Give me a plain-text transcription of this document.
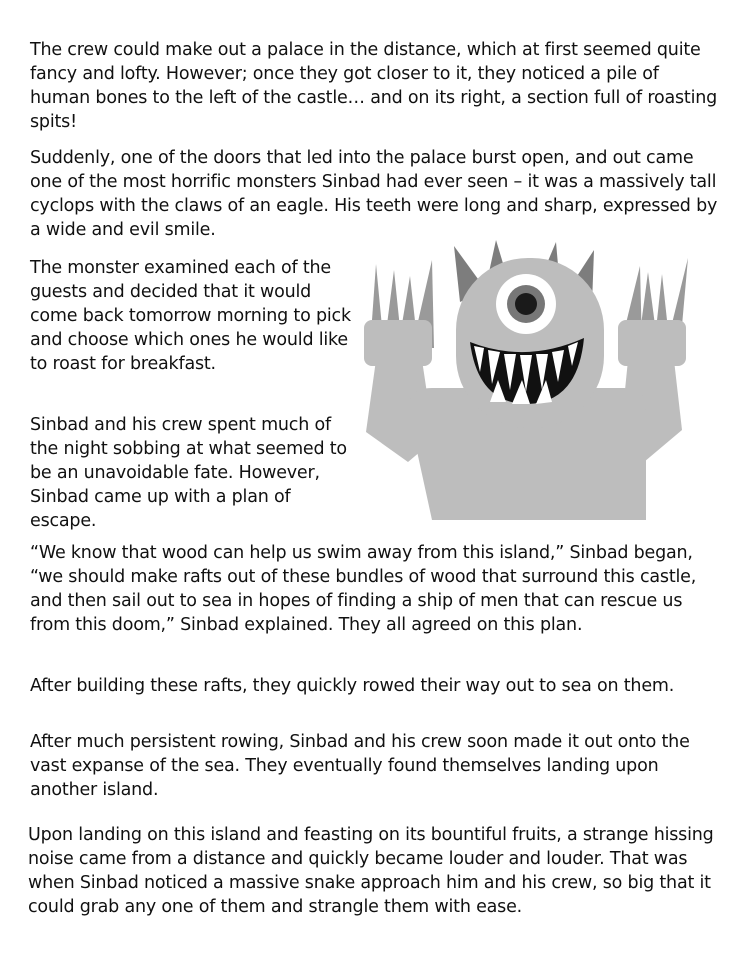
The crew could make out a palace in the distance, which at first seemed quite fancy and lofty. However; once they got closer to it, they noticed a pile of human bones to the left of the castle… and on its right, a section full of roasting spits!

Suddenly, one of the doors that led into the palace burst open, and out came one of the most horrific monsters Sinbad had ever seen – it was a massively tall cyclops with the claws of an eagle. His teeth were long and sharp, expressed by a wide and evil smile.

The monster examined each of the guests and decided that it would come back tomorrow morning to pick and choose which ones he would like to roast for breakfast.

Sinbad and his crew spent much of the night sobbing at what seemed to be an unavoidable fate. However, Sinbad came up with a plan of escape.

“We know that wood can help us swim away from this island,” Sinbad began, “we should make rafts out of these bundles of wood that surround this castle, and then sail out to sea in hopes of finding a ship of men that can rescue us from this doom,” Sinbad explained. They all agreed on this plan.

After building these rafts, they quickly rowed their way out to sea on them.

After much persistent rowing, Sinbad and his crew soon made it out onto the vast expanse of the sea. They eventually found themselves landing upon another island.

Upon landing on this island and feasting on its bountiful fruits, a strange hissing noise came from a distance and quickly became louder and louder. That was when Sinbad noticed a massive snake approach him and his crew, so big that it could grab any one of them and strangle them with ease.
